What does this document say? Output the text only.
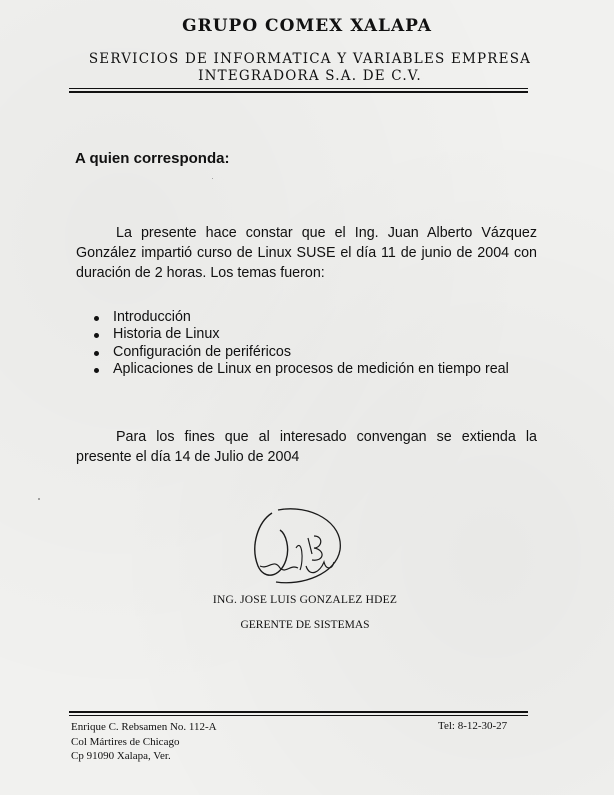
GRUPO COMEX XALAPA
SERVICIOS DE INFORMATICA Y VARIABLES EMPRESA
INTEGRADORA S.A. DE C.V.
A quien corresponda:

La presente hace constar que el Ing. Juan Alberto Vázquez González impartió curso de Linux SUSE el día 11 de junio de 2004 con duración de 2 horas. Los temas fueron:

Introducción
Historia de Linux
Configuración de periféricos
Aplicaciones de Linux en procesos de medición en tiempo real

Para los fines que al interesado convengan se extienda la presente el día 14 de Julio de 2004

ING. JOSE LUIS GONZALEZ HDEZ
GERENTE DE SISTEMAS
Enrique C. Rebsamen No. 112-A
Col Mártires de Chicago
Cp 91090 Xalapa, Ver.
Tel: 8-12-30-27
